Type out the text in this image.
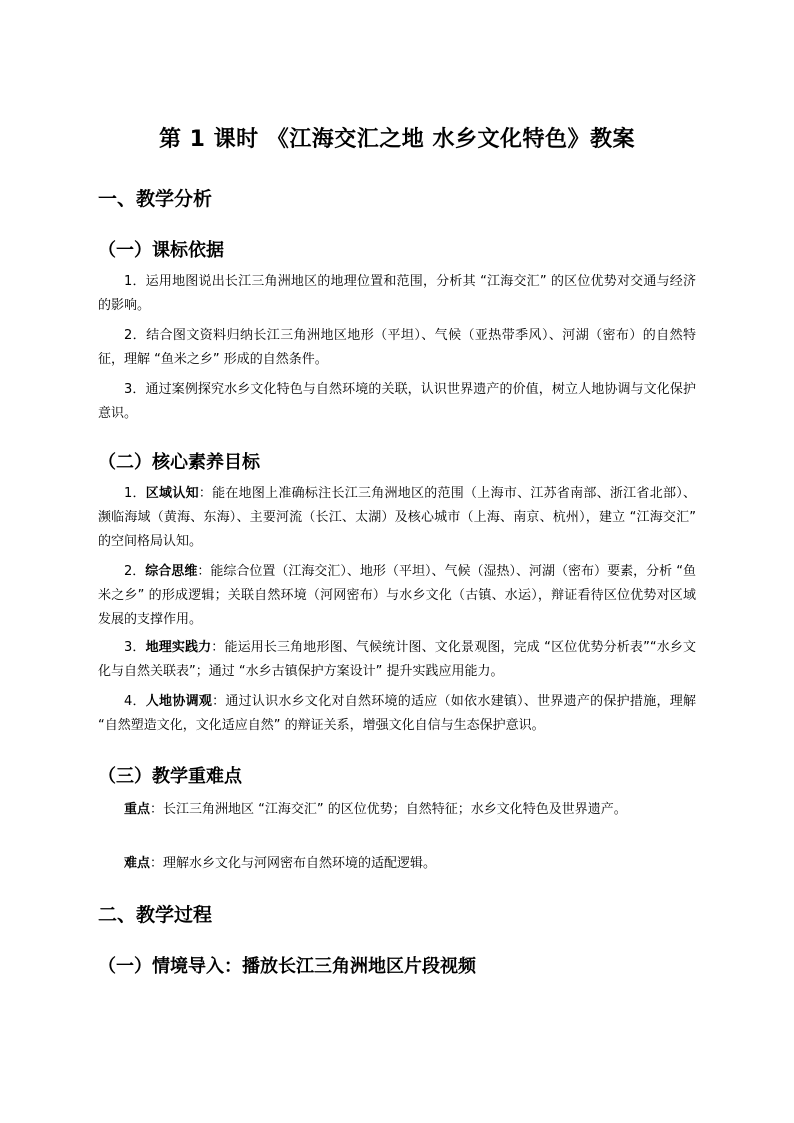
第 1 课时 《江海交汇之地 水乡文化特色》教案
一、教学分析
（一）课标依据

1．运用地图说出长江三角洲地区的地理位置和范围，分析其 “江海交汇” 的区位优势对交通与经济的影响。

2．结合图文资料归纳长江三角洲地区地形（平坦）、气候（亚热带季风）、河湖（密布）的自然特征，理解 “鱼米之乡” 形成的自然条件。

3．通过案例探究水乡文化特色与自然环境的关联，认识世界遗产的价值，树立人地协调与文化保护意识。

（二）核心素养目标

1．区域认知：能在地图上准确标注长江三角洲地区的范围（上海市、江苏省南部、浙江省北部）、濒临海域（黄海、东海）、主要河流（长江、太湖）及核心城市（上海、南京、杭州），建立 “江海交汇” 的空间格局认知。

2．综合思维：能综合位置（江海交汇）、地形（平坦）、气候（湿热）、河湖（密布）要素，分析 “鱼米之乡” 的形成逻辑；关联自然环境（河网密布）与水乡文化（古镇、水运），辩证看待区位优势对区域发展的支撑作用。

3．地理实践力：能运用长三角地形图、气候统计图、文化景观图，完成 “区位优势分析表”“水乡文化与自然关联表”；通过 “水乡古镇保护方案设计” 提升实践应用能力。

4．人地协调观：通过认识水乡文化对自然环境的适应（如依水建镇）、世界遗产的保护措施，理解 “自然塑造文化，文化适应自然” 的辩证关系，增强文化自信与生态保护意识。

（三）教学重难点

重点：长江三角洲地区 “江海交汇” 的区位优势；自然特征；水乡文化特色及世界遗产。

难点：理解水乡文化与河网密布自然环境的适配逻辑。

二、教学过程
（一）情境导入：播放长江三角洲地区片段视频
